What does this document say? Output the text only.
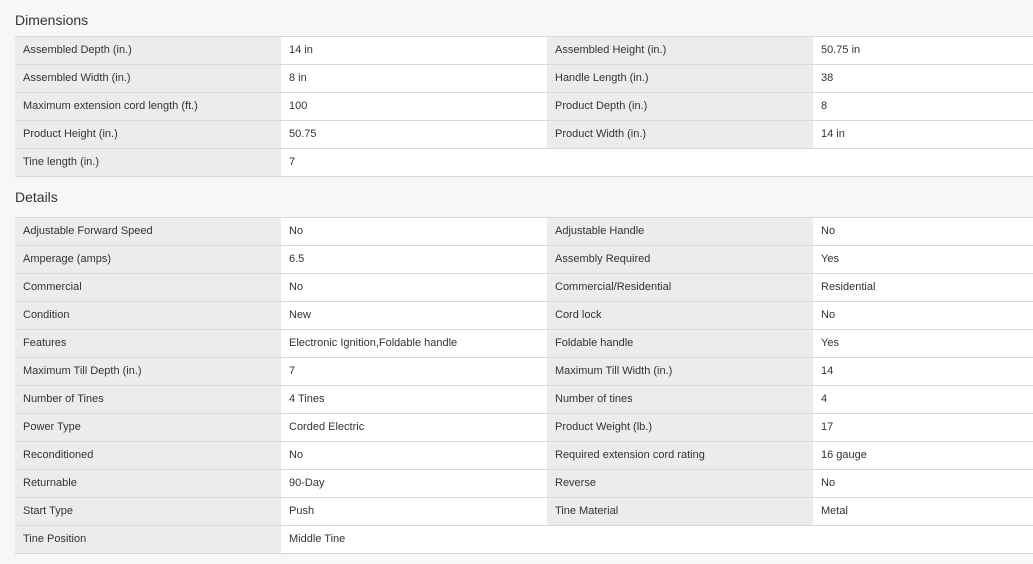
Dimensions
Assembled Depth (in.)	14 in	Assembled Height (in.)	50.75 in
Assembled Width (in.)	8 in	Handle Length (in.)	38
Maximum extension cord length (ft.)	100	Product Depth (in.)	8
Product Height (in.)	50.75	Product Width (in.)	14 in
Tine length (in.)	7
Details
Adjustable Forward Speed	No	Adjustable Handle	No
Amperage (amps)	6.5	Assembly Required	Yes
Commercial	No	Commercial/Residential	Residential
Condition	New	Cord lock	No
Features	Electronic Ignition,Foldable handle	Foldable handle	Yes
Maximum Till Depth (in.)	7	Maximum Till Width (in.)	14
Number of Tines	4 Tines	Number of tines	4
Power Type	Corded Electric	Product Weight (lb.)	17
Reconditioned	No	Required extension cord rating	16 gauge
Returnable	90-Day	Reverse	No
Start Type	Push	Tine Material	Metal
Tine Position	Middle Tine
